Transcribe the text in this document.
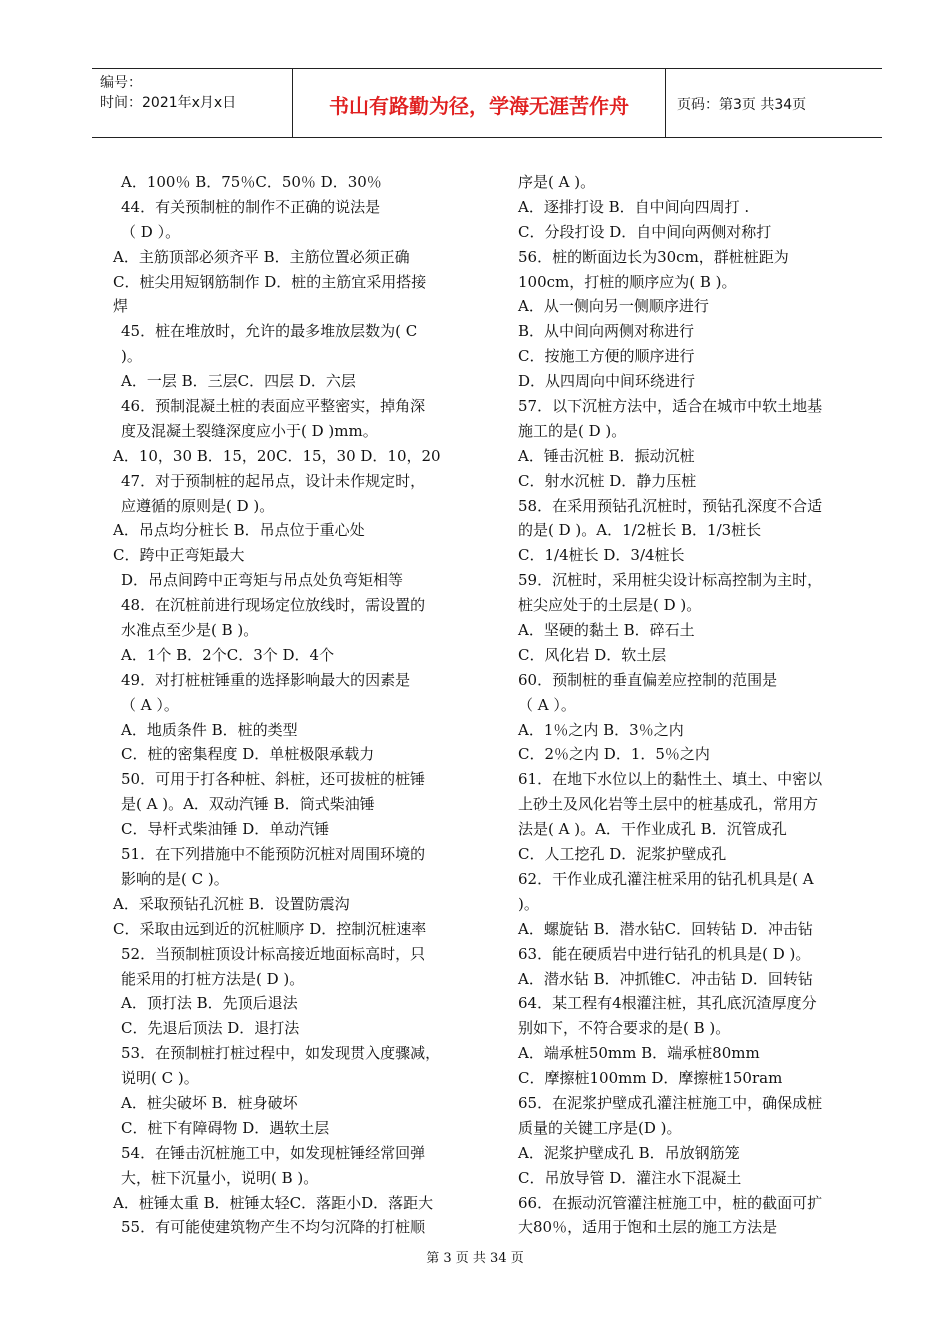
编号：
时间：2021年x月x日	书山有路勤为径，学海无涯苦作舟	页码：第3页 共34页
A．100％ B．75％C．50％ D．30％
44．有关预制桩的制作不正确的说法是
（ D ）。
A．主筋顶部必须齐平 B．主筋位置必须正确
C．桩尖用短钢筋制作 D．桩的主筋宜采用搭接
焊
45．桩在堆放时，允许的最多堆放层数为( C
)。
A．一层 B．三层C．四层 D．六层
46．预制混凝土桩的表面应平整密实，掉角深
度及混凝土裂缝深度应小于( D )mm。
A．10，30 B．15，20C．15，30 D．10，20
47．对于预制桩的起吊点，设计未作规定时，
应遵循的原则是( D )。
A．吊点均分桩长 B．吊点位于重心处
C．跨中正弯矩最大
D．吊点间跨中正弯矩与吊点处负弯矩相等
48．在沉桩前进行现场定位放线时，需设置的
水准点至少是( B )。
A．1个 B．2个C．3个 D．4个
49．对打桩桩锤重的选择影响最大的因素是
（ A ）。
A．地质条件 B．桩的类型
C．桩的密集程度 D．单桩极限承载力
50．可用于打各种桩、斜桩，还可拔桩的桩锤
是( A )。A．双动汽锤 B．筒式柴油锤
C．导杆式柴油锤 D．单动汽锤
51．在下列措施中不能预防沉桩对周围环境的
影响的是( C )。
A．采取预钻孔沉桩 B．设置防震沟
C．采取由远到近的沉桩顺序 D．控制沉桩速率
52．当预制桩顶设计标高接近地面标高时，只
能采用的打桩方法是( D )。
A．顶打法 B．先顶后退法
C．先退后顶法 D．退打法
53．在预制桩打桩过程中，如发现贯入度骤减，
说明( C )。
A．桩尖破坏 B．桩身破坏
C．桩下有障碍物 D．遇软土层
54．在锤击沉桩施工中，如发现桩锤经常回弹
大，桩下沉量小，说明( B )。
A．桩锤太重 B．桩锤太轻C．落距小D．落距大
55．有可能使建筑物产生不均匀沉降的打桩顺
序是( A )。
A．逐排打设 B．自中间向四周打 .
C．分段打设 D．自中间向两侧对称打
56．桩的断面边长为30cm，群桩桩距为
100cm，打桩的顺序应为( B )。
A．从一侧向另一侧顺序进行
B．从中间向两侧对称进行
C．按施工方便的顺序进行
D．从四周向中间环绕进行
57．以下沉桩方法中，适合在城市中软土地基
施工的是( D )。
A．锤击沉桩 B．振动沉桩
C．射水沉桩 D．静力压桩
58．在采用预钻孔沉桩时，预钻孔深度不合适
的是( D )。A．1/2桩长 B．1/3桩长
C．1/4桩长 D．3/4桩长
59．沉桩时，采用桩尖设计标高控制为主时，
桩尖应处于的土层是( D )。
A．坚硬的黏土 B．碎石土
C．风化岩 D．软土层
60．预制桩的垂直偏差应控制的范围是
（ A ）。
A．1％之内 B．3％之内
C．2％之内 D．1．5％之内
61．在地下水位以上的黏性土、填土、中密以
上砂土及风化岩等土层中的桩基成孔，常用方
法是( A )。A．干作业成孔 B．沉管成孔
C．人工挖孔 D．泥浆护壁成孔
62．干作业成孔灌注桩采用的钻孔机具是( A
)。
A．螺旋钻 B．潜水钻C．回转钻 D．冲击钻
63．能在硬质岩中进行钻孔的机具是( D )。
A．潜水钻 B．冲抓锥C．冲击钻 D．回转钻
64．某工程有4根灌注桩，其孔底沉渣厚度分
别如下，不符合要求的是( B )。
A．端承桩50mm B．端承桩80mm
C．摩擦桩100mm D．摩擦桩150ram
65．在泥浆护壁成孔灌注桩施工中，确保成桩
质量的关键工序是(D )。
A．泥浆护壁成孔 B．吊放钢筋笼
C．吊放导管 D．灌注水下混凝土
66．在振动沉管灌注桩施工中，桩的截面可扩
大80％，适用于饱和土层的施工方法是
第 3 页 共 34 页
